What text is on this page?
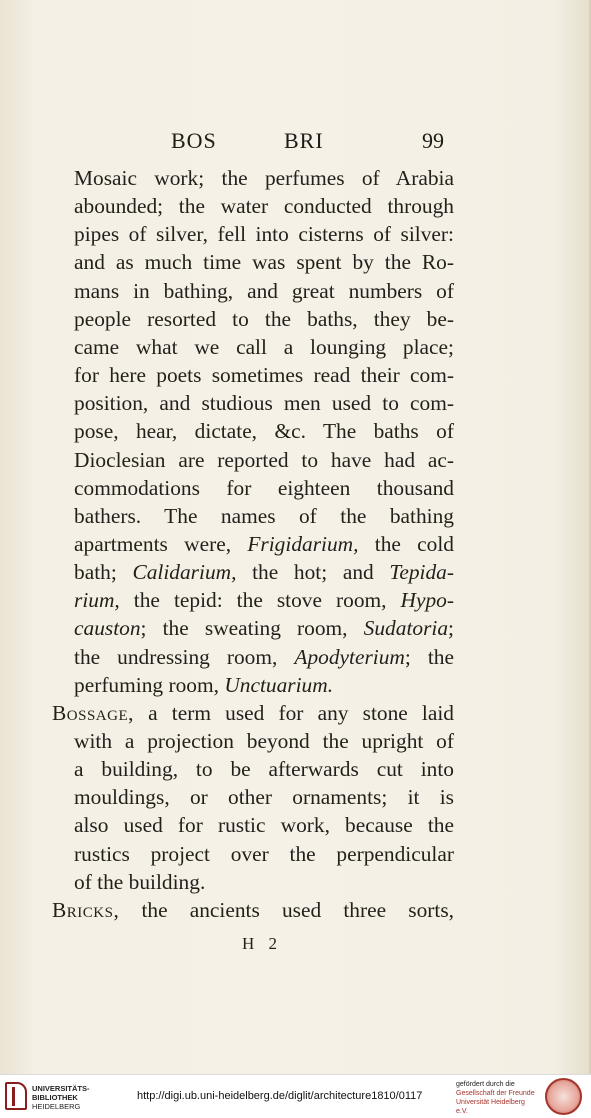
BOS	BRI	99
Mosaic work; the perfumes of Arabia
abounded; the water conducted through
pipes of silver, fell into cisterns of silver:
and as much time was spent by the Ro-
mans in bathing, and great numbers of
people resorted to the baths, they be-
came what we call a lounging place;
for here poets sometimes read their com-
position, and studious men used to com-
pose, hear, dictate, &c. The baths of
Dioclesian are reported to have had ac-
commodations for eighteen thousand
bathers. The names of the bathing
apartments were, Frigidarium, the cold
bath; Calidarium, the hot; and Tepida-
rium, the tepid: the stove room, Hypo-
causton; the sweating room, Sudatoria;
the undressing room, Apodyterium; the
perfuming room, Unctuarium.
Bossage, a term used for any stone laid
with a projection beyond the upright of
a building, to be afterwards cut into
mouldings, or other ornaments; it is
also used for rustic work, because the
rustics project over the perpendicular
of the building.
Bricks, the ancients used three sorts,
H 2
UNIVERSITÄTS-
BIBLIOTHEK
HEIDELBERG
http://digi.ub.uni-heidelberg.de/diglit/architecture1810/0117
gefördert durch die
Gesellschaft der Freunde
Universität Heidelberg e.V.
